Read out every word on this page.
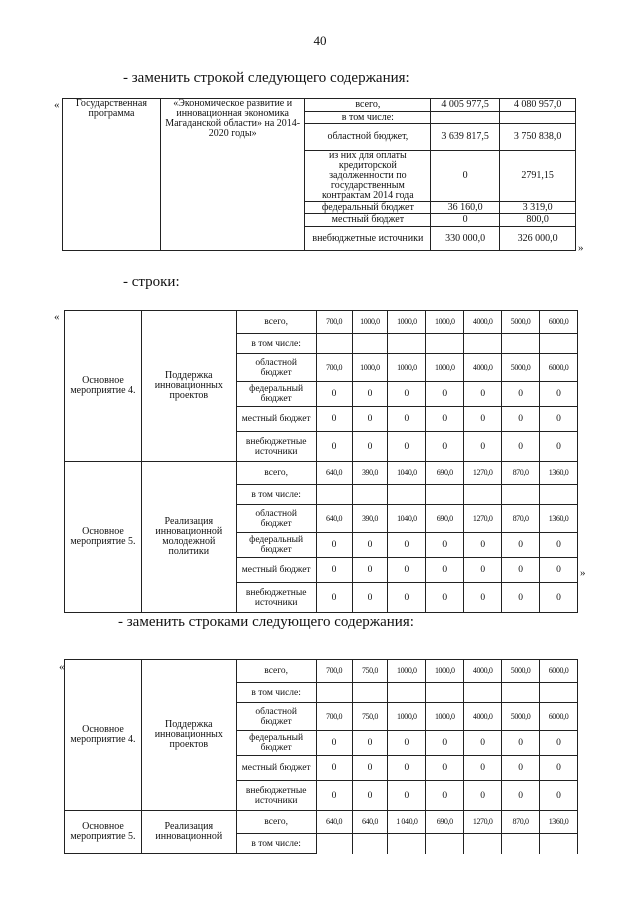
40
- заменить строкой следующего содержания:
« Государственная программа	«Экономическое развитие и инновационная экономика Магаданской области» на 2014-2020 годы»	всего,	4 005 977,5	4 080 957,0
		в том числе:		
		областной бюджет,	3 639 817,5	3 750 838,0
		из них для оплаты кредиторской задолженности по государственным контрактам 2014 года	0	2791,15
		федеральный бюджет	36 160,0	3 319,0
		местный бюджет	0	800,0
		внебюджетные источники	330 000,0	326 000,0
»
- строки:
«
Основное мероприятие 4.	Поддержка инновационных проектов	всего,	700,0	1000,0	1000,0	1000,0	4000,0	5000,0	6000,0
		в том числе:							
		областной бюджет	700,0	1000,0	1000,0	1000,0	4000,0	5000,0	6000,0
		федеральный бюджет	0	0	0	0	0	0	0
		местный бюджет	0	0	0	0	0	0	0
		внебюджетные источники	0	0	0	0	0	0	0
Основное мероприятие 5.	Реализация инновационной молодежной политики	всего,	640,0	390,0	1040,0	690,0	1270,0	870,0	1360,0
		в том числе:							
		областной бюджет	640,0	390,0	1040,0	690,0	1270,0	870,0	1360,0
		федеральный бюджет	0	0	0	0	0	0	0
		местный бюджет	0	0	0	0	0	0	0
		внебюджетные источники	0	0	0	0	0	0	0
»
- заменить строками следующего содержания:
«
Основное мероприятие 4.	Поддержка инновационных проектов	всего,	700,0	750,0	1000,0	1000,0	4000,0	5000,0	6000,0
		в том числе:							
		областной бюджет	700,0	750,0	1000,0	1000,0	4000,0	5000,0	6000,0
		федеральный бюджет	0	0	0	0	0	0	0
		местный бюджет	0	0	0	0	0	0	0
		внебюджетные источники	0	0	0	0	0	0	0
Основное мероприятие 5.	Реализация инновационной	всего,	640,0	640,0	1 040,0	690,0	1270,0	870,0	1360,0
		в том числе:							
